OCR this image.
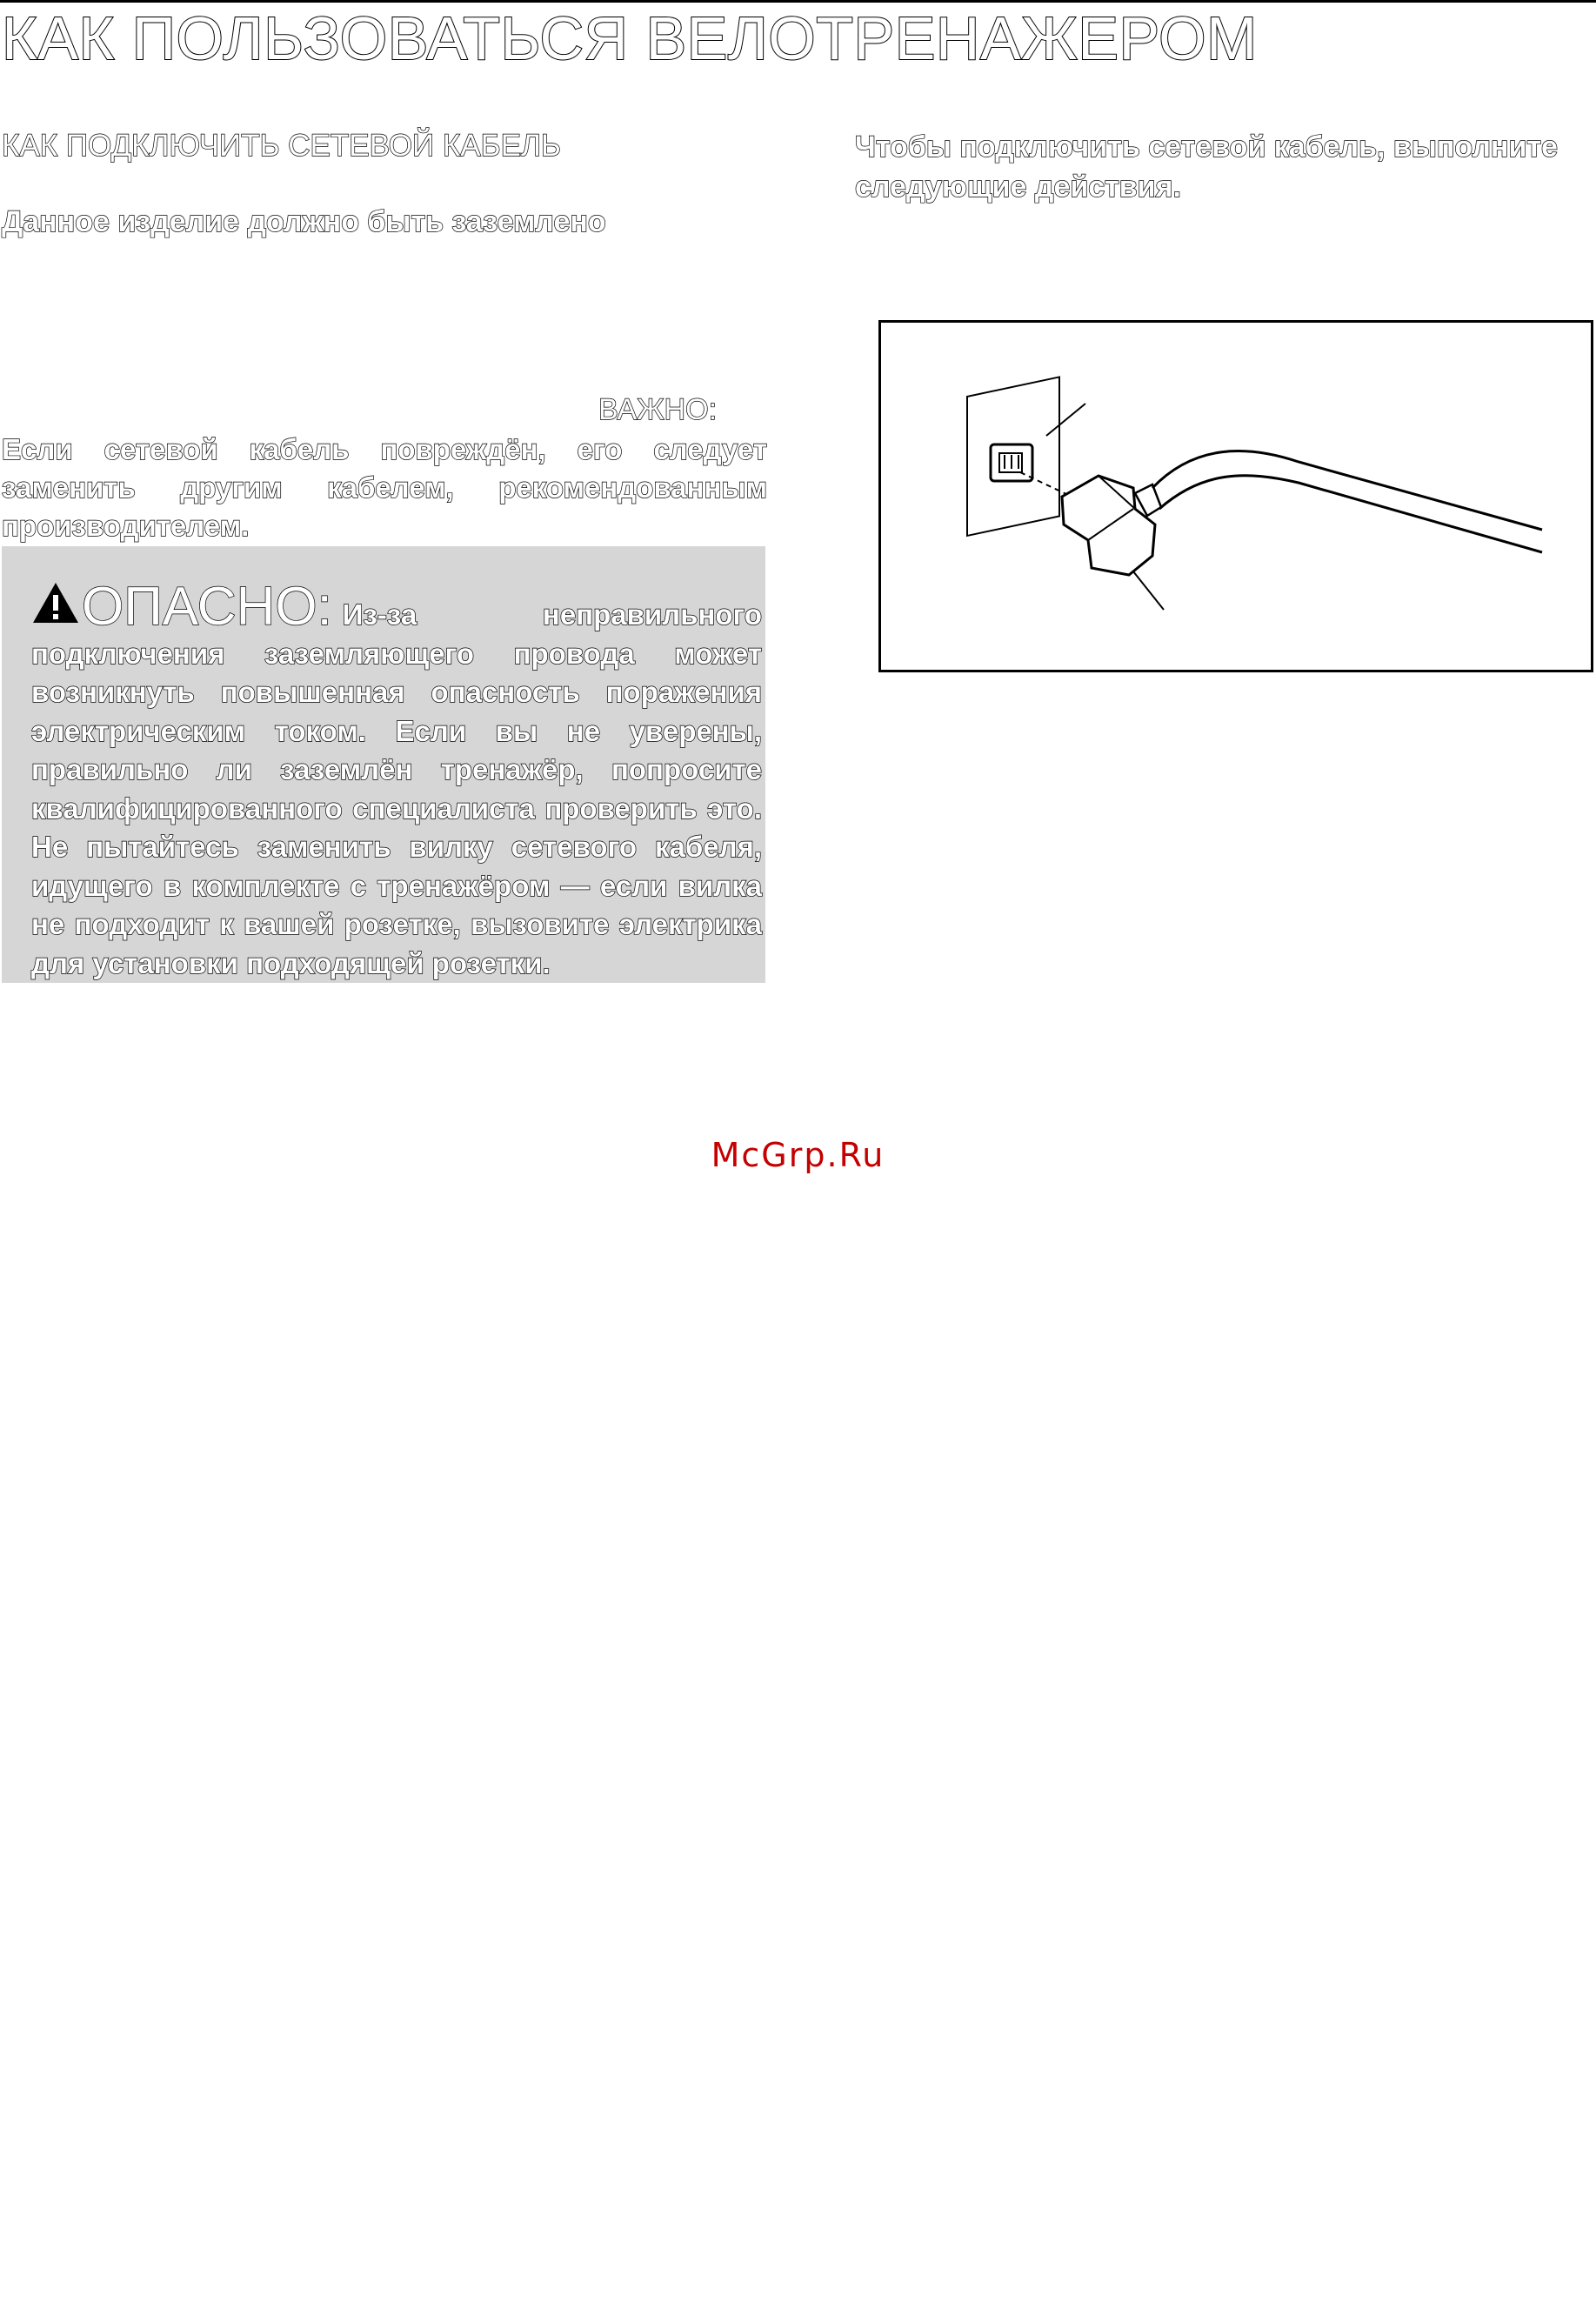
КАК ПОЛЬЗОВАТЬСЯ ВЕЛОТРЕНАЖЕРОМ
КАК ПОДКЛЮЧИТЬ СЕТЕВОЙ КАБЕЛЬ

Данное изделие должно быть заземлено

Чтобы подключить сетевой кабель, выполните следующие действия.

ВАЖНО:

Если сетевой кабель повреждён, его следует заменить другим кабелем, рекомендованным производителем.

ОПАСНО: Из-за неправильного подключения заземляющего провода может возникнуть повышенная опасность поражения электрическим током. Если вы не уверены, правильно ли заземлён тренажёр, попросите квалифицированного специалиста проверить это. Не пытайтесь заменить вилку сетевого кабеля, идущего в комплекте с тренажёром — если вилка не подходит к вашей розетке, вызовите электрика для установки подходящей розетки.

McGrp.Ru
